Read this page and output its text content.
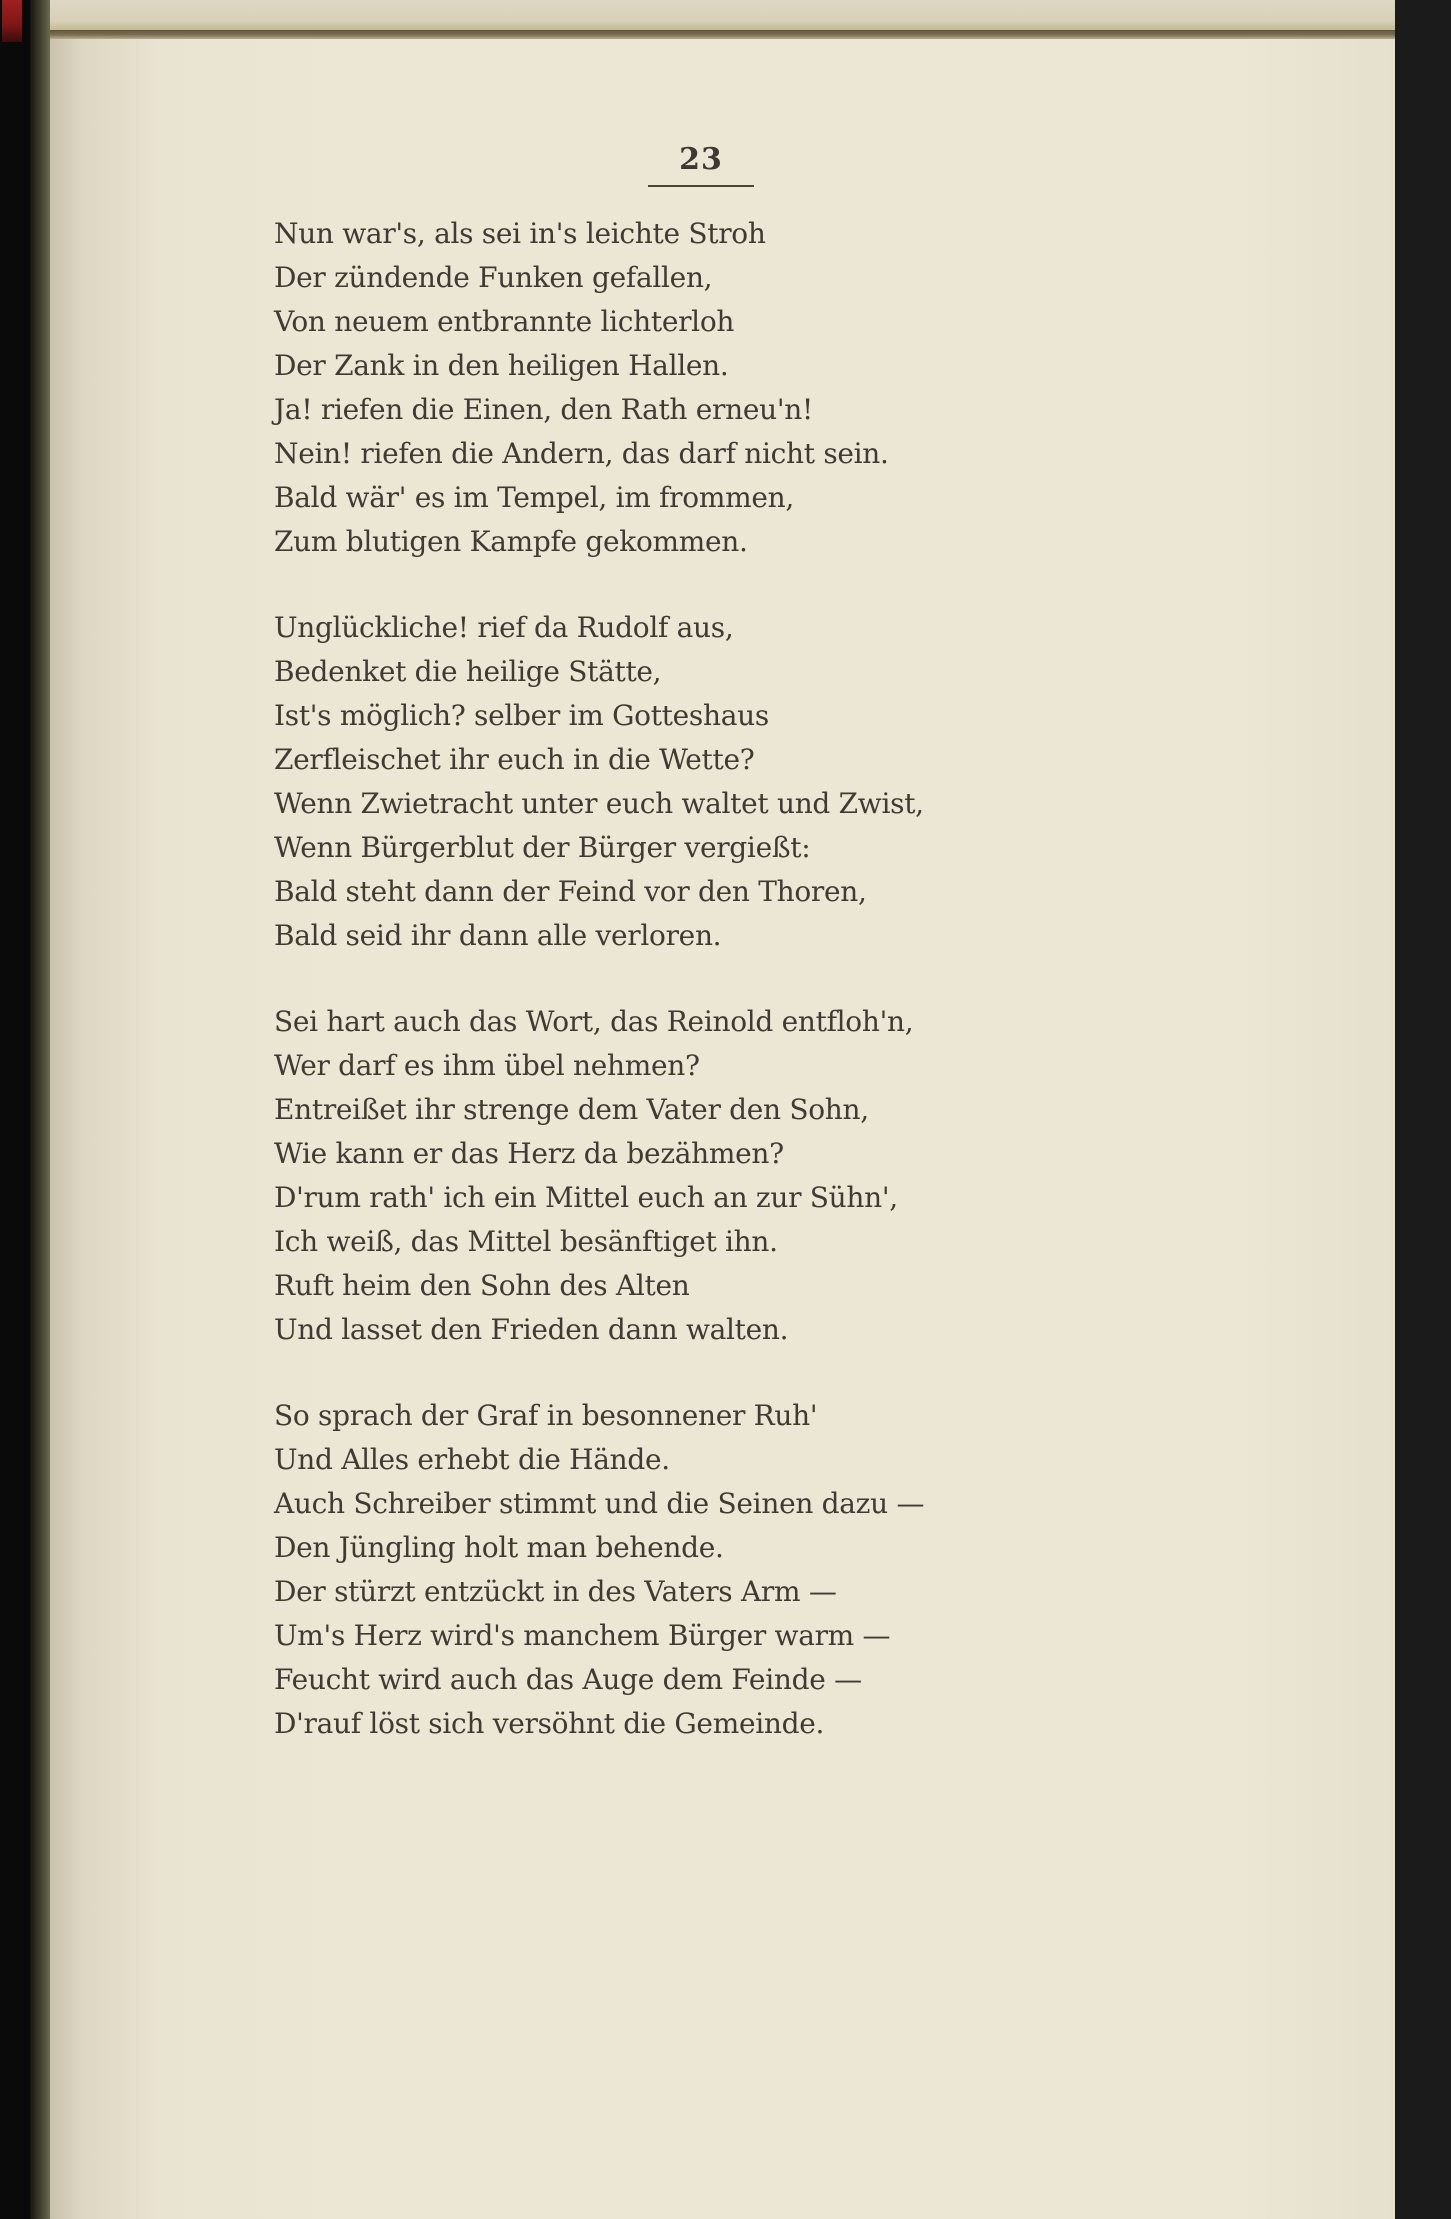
23
Nun war's, als sei in's leichte Stroh
Der zündende Funken gefallen,
Von neuem entbrannte lichterloh
Der Zank in den heiligen Hallen.
Ja! riefen die Einen, den Rath erneu'n!
Nein! riefen die Andern, das darf nicht sein.
Bald wär' es im Tempel, im frommen,
Zum blutigen Kampfe gekommen.
Unglückliche! rief da Rudolf aus,
Bedenket die heilige Stätte,
Ist's möglich? selber im Gotteshaus
Zerfleischet ihr euch in die Wette?
Wenn Zwietracht unter euch waltet und Zwist,
Wenn Bürgerblut der Bürger vergießt:
Bald steht dann der Feind vor den Thoren,
Bald seid ihr dann alle verloren.
Sei hart auch das Wort, das Reinold entfloh'n,
Wer darf es ihm übel nehmen?
Entreißet ihr strenge dem Vater den Sohn,
Wie kann er das Herz da bezähmen?
D'rum rath' ich ein Mittel euch an zur Sühn',
Ich weiß, das Mittel besänftiget ihn.
Ruft heim den Sohn des Alten
Und lasset den Frieden dann walten.
So sprach der Graf in besonnener Ruh'
Und Alles erhebt die Hände.
Auch Schreiber stimmt und die Seinen dazu —
Den Jüngling holt man behende.
Der stürzt entzückt in des Vaters Arm —
Um's Herz wird's manchem Bürger warm —
Feucht wird auch das Auge dem Feinde —
D'rauf löst sich versöhnt die Gemeinde.
